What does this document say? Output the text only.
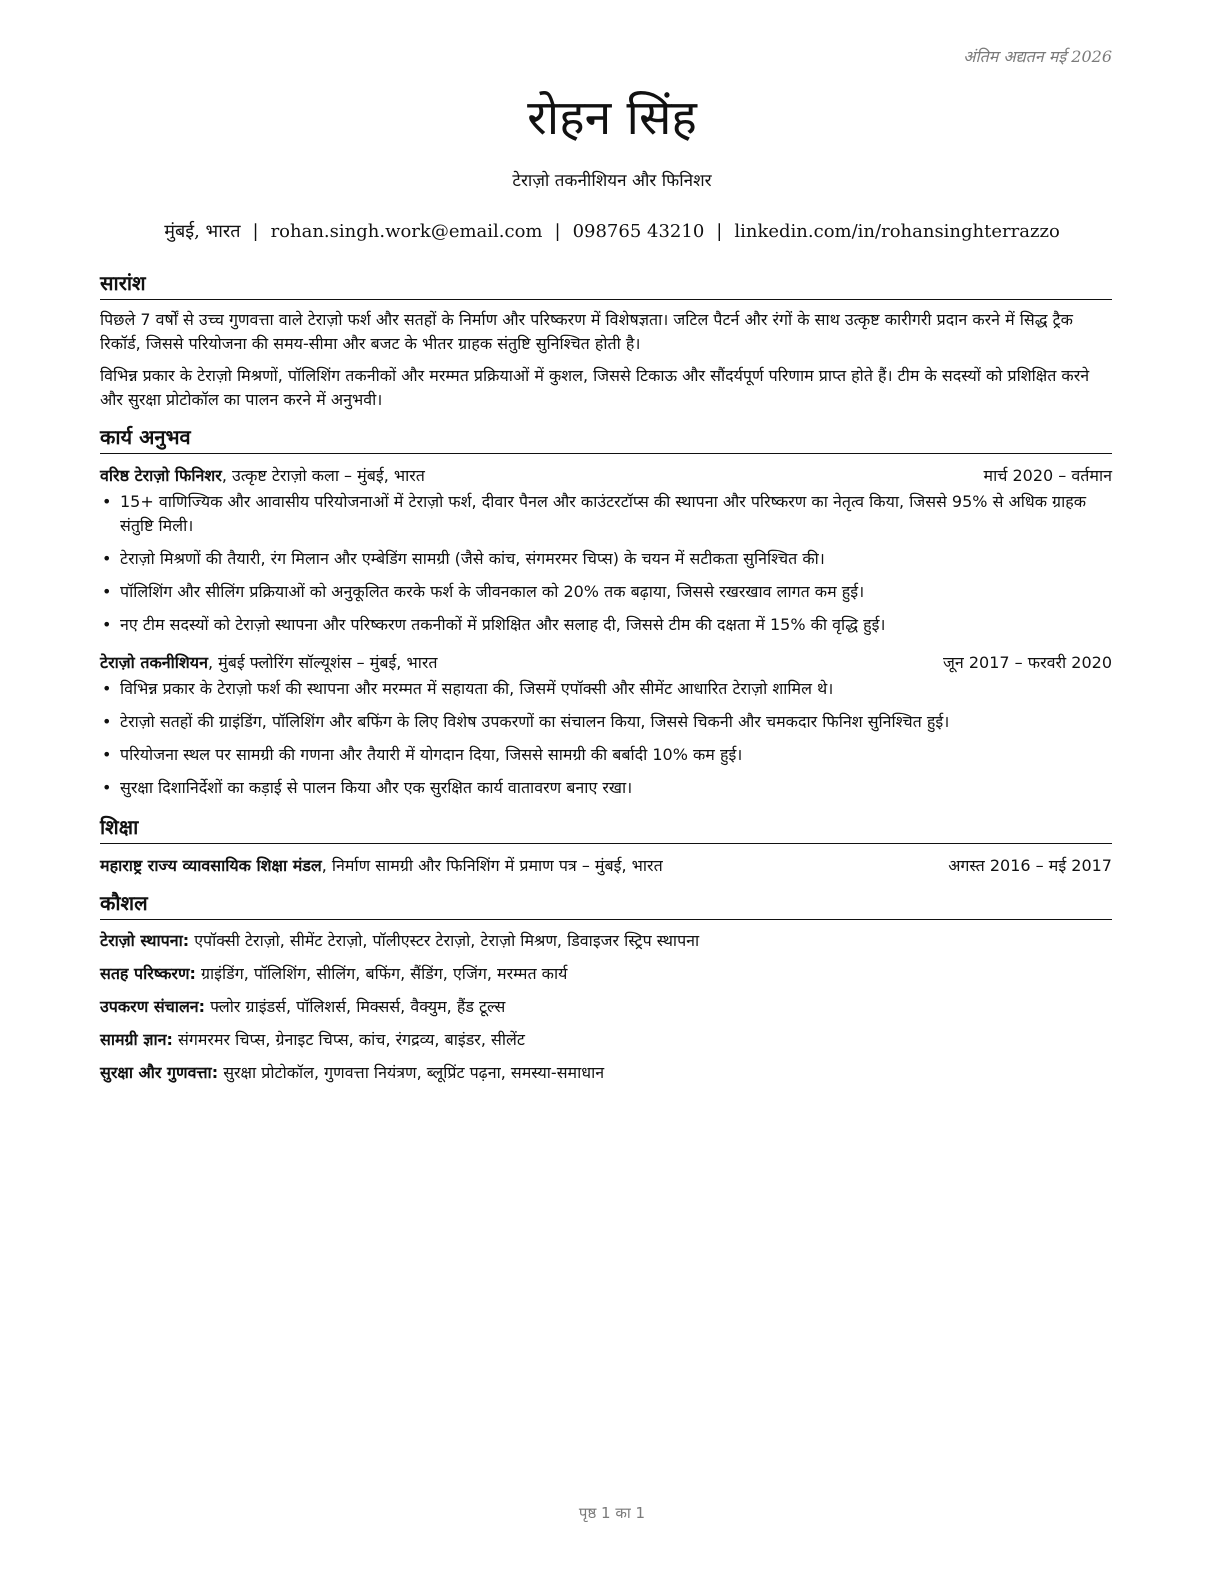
अंतिम अद्यतन मई 2026
रोहन सिंह
टेराज़ो तकनीशियन और फिनिशर
मुंबई, भारत | rohan.singh.work@email.com | 098765 43210 | linkedin.com/in/rohansinghterrazzo
सारांश

पिछले 7 वर्षों से उच्च गुणवत्ता वाले टेराज़ो फर्श और सतहों के निर्माण और परिष्करण में विशेषज्ञता। जटिल पैटर्न और रंगों के साथ उत्कृष्ट कारीगरी प्रदान करने में सिद्ध ट्रैक रिकॉर्ड, जिससे परियोजना की समय-सीमा और बजट के भीतर ग्राहक संतुष्टि सुनिश्चित होती है।

विभिन्न प्रकार के टेराज़ो मिश्रणों, पॉलिशिंग तकनीकों और मरम्मत प्रक्रियाओं में कुशल, जिससे टिकाऊ और सौंदर्यपूर्ण परिणाम प्राप्त होते हैं। टीम के सदस्यों को प्रशिक्षित करने और सुरक्षा प्रोटोकॉल का पालन करने में अनुभवी।

कार्य अनुभव
वरिष्ठ टेराज़ो फिनिशर, उत्कृष्ट टेराज़ो कला – मुंबई, भारत	मार्च 2020 – वर्तमान
• 15+ वाणिज्यिक और आवासीय परियोजनाओं में टेराज़ो फर्श, दीवार पैनल और काउंटरटॉप्स की स्थापना और परिष्करण का नेतृत्व किया, जिससे 95% से अधिक ग्राहक संतुष्टि मिली।
• टेराज़ो मिश्रणों की तैयारी, रंग मिलान और एम्बेडिंग सामग्री (जैसे कांच, संगमरमर चिप्स) के चयन में सटीकता सुनिश्चित की।
• पॉलिशिंग और सीलिंग प्रक्रियाओं को अनुकूलित करके फर्श के जीवनकाल को 20% तक बढ़ाया, जिससे रखरखाव लागत कम हुई।
• नए टीम सदस्यों को टेराज़ो स्थापना और परिष्करण तकनीकों में प्रशिक्षित और सलाह दी, जिससे टीम की दक्षता में 15% की वृद्धि हुई।
टेराज़ो तकनीशियन, मुंबई फ्लोरिंग सॉल्यूशंस – मुंबई, भारत	जून 2017 – फरवरी 2020
• विभिन्न प्रकार के टेराज़ो फर्श की स्थापना और मरम्मत में सहायता की, जिसमें एपॉक्सी और सीमेंट आधारित टेराज़ो शामिल थे।
• टेराज़ो सतहों की ग्राइंडिंग, पॉलिशिंग और बफिंग के लिए विशेष उपकरणों का संचालन किया, जिससे चिकनी और चमकदार फिनिश सुनिश्चित हुई।
• परियोजना स्थल पर सामग्री की गणना और तैयारी में योगदान दिया, जिससे सामग्री की बर्बादी 10% कम हुई।
• सुरक्षा दिशानिर्देशों का कड़ाई से पालन किया और एक सुरक्षित कार्य वातावरण बनाए रखा।
शिक्षा
महाराष्ट्र राज्य व्यावसायिक शिक्षा मंडल, निर्माण सामग्री और फिनिशिंग में प्रमाण पत्र – मुंबई, भारत	अगस्त 2016 – मई 2017
कौशल
टेराज़ो स्थापना: एपॉक्सी टेराज़ो, सीमेंट टेराज़ो, पॉलीएस्टर टेराज़ो, टेराज़ो मिश्रण, डिवाइजर स्ट्रिप स्थापना
सतह परिष्करण: ग्राइंडिंग, पॉलिशिंग, सीलिंग, बफिंग, सैंडिंग, एजिंग, मरम्मत कार्य
उपकरण संचालन: फ्लोर ग्राइंडर्स, पॉलिशर्स, मिक्सर्स, वैक्युम, हैंड टूल्स
सामग्री ज्ञान: संगमरमर चिप्स, ग्रेनाइट चिप्स, कांच, रंगद्रव्य, बाइंडर, सीलेंट
सुरक्षा और गुणवत्ता: सुरक्षा प्रोटोकॉल, गुणवत्ता नियंत्रण, ब्लूप्रिंट पढ़ना, समस्या-समाधान
पृष्ठ 1 का 1
